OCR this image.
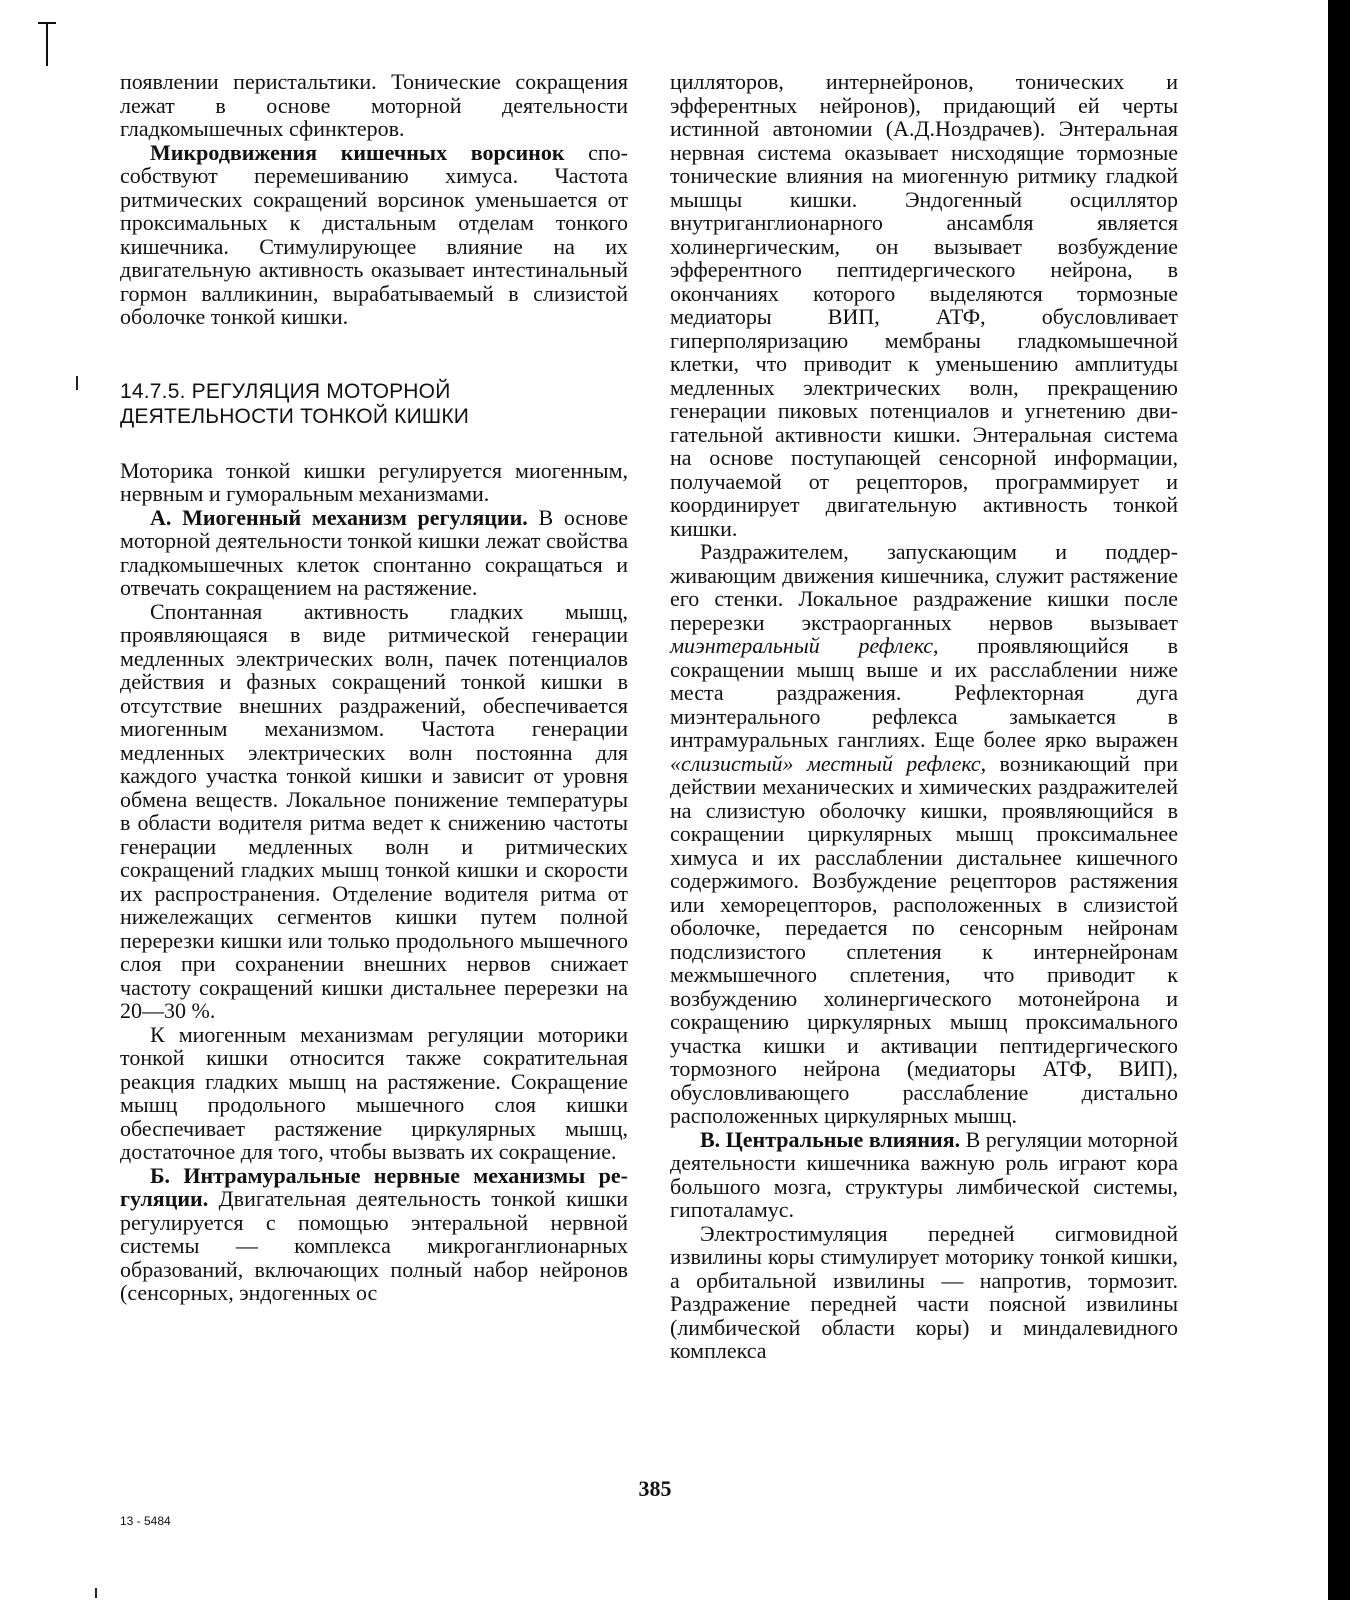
появлении перистальтики. Тонические сокращения лежат в основе моторной деятельности гладкомышечных сфинктеров.

Микродвижения кишечных ворсинок способствуют перемешиванию химуса. Частота ритмических сокращений ворсинок уменьшается от проксимальных к дистальным отделам тонкого кишечника. Стимулирующее влияние на их двигательную активность оказывает интестинальный гормон валликинин, вырабатываемый в слизистой оболочке тонкой кишки.

14.7.5. РЕГУЛЯЦИЯ МОТОРНОЙ
ДЕЯТЕЛЬНОСТИ ТОНКОЙ КИШКИ

Моторика тонкой кишки регулируется миогенным, нервным и гуморальным механизмами.

А. Миогенный механизм регуляции. В основе моторной деятельности тонкой кишки лежат свойства гладкомышечных клеток спонтанно сокращаться и отвечать сокращением на растяжение.

Спонтанная активность гладких мышц, проявляющаяся в виде ритмической генерации медленных электрических волн, пачек потенциалов действия и фазных сокращений тонкой кишки в отсутствие внешних раздражений, обеспечивается миогенным механизмом. Частота генерации медленных электрических волн постоянна для каждого участка тонкой кишки и зависит от уровня обмена веществ. Локальное понижение температуры в области водителя ритма ведет к снижению частоты генерации медленных волн и ритмических сокращений гладких мышц тонкой кишки и скорости их распространения. Отделение водителя ритма от нижележащих сегментов кишки путем полной перерезки кишки или только продольного мышечного слоя при сохранении внешних нервов снижает частоту сокращений кишки дистальнее перерезки на 20—30 %.

К миогенным механизмам регуляции моторики тонкой кишки относится также сократительная реакция гладких мышц на растяжение. Сокращение мышц продольного мышечного слоя кишки обеспечивает растяжение циркулярных мышц, достаточное для того, чтобы вызвать их сокращение.

Б. Интрамуральные нервные механизмы регуляции. Двигательная деятельность тонкой кишки регулируется с помощью энтеральной нервной системы — комплекса микроганглионарных образований, включающих полный набор нейронов (сенсорных, эндогенных ос

цилляторов, интернейронов, тонических и эфферентных нейронов), придающий ей черты истинной автономии (А.Д.Ноздрачев). Энтеральная нервная система оказывает нисходящие тормозные тонические влияния на миогенную ритмику гладкой мышцы кишки. Эндогенный осциллятор внутриганглионарного ансамбля является холинергическим, он вызывает возбуждение эфферентного пептидергического нейрона, в окончаниях которого выделяются тормозные медиаторы ВИП, АТФ, обусловливает гиперполяризацию мембраны гладкомышечной клетки, что приводит к уменьшению амплитуды медленных электрических волн, прекращению генерации пиковых потенциалов и угнетению двигательной активности кишки. Энтеральная система на основе поступающей сенсорной информации, получаемой от рецепторов, программирует и координирует двигательную активность тонкой кишки.

Раздражителем, запускающим и поддерживающим движения кишечника, служит растяжение его стенки. Локальное раздражение кишки после перерезки экстраорганных нервов вызывает миэнтеральный рефлекс, проявляющийся в сокращении мышц выше и их расслаблении ниже места раздражения. Рефлекторная дуга миэнтерального рефлекса замыкается в интрамуральных ганглиях. Еще более ярко выражен «слизистый» местный рефлекс, возникающий при действии механических и химических раздражителей на слизистую оболочку кишки, проявляющийся в сокращении циркулярных мышц проксимальнее химуса и их расслаблении дистальнее кишечного содержимого. Возбуждение рецепторов растяжения или хеморецепторов, расположенных в слизистой оболочке, передается по сенсорным нейронам подслизистого сплетения к интернейронам межмышечного сплетения, что приводит к возбуждению холинергического мотонейрона и сокращению циркулярных мышц проксимального участка кишки и активации пептидергического тормозного нейрона (медиаторы АТФ, ВИП), обусловливающего расслабление дистально расположенных циркулярных мышц.

В. Центральные влияния. В регуляции моторной деятельности кишечника важную роль играют кора большого мозга, структуры лимбической системы, гипоталамус.

Электростимуляция передней сигмовидной извилины коры стимулирует моторику тонкой кишки, а орбитальной извилины — напротив, тормозит. Раздражение передней части поясной извилины (лимбической области коры) и миндалевидного комплекса

385
13 - 5484
